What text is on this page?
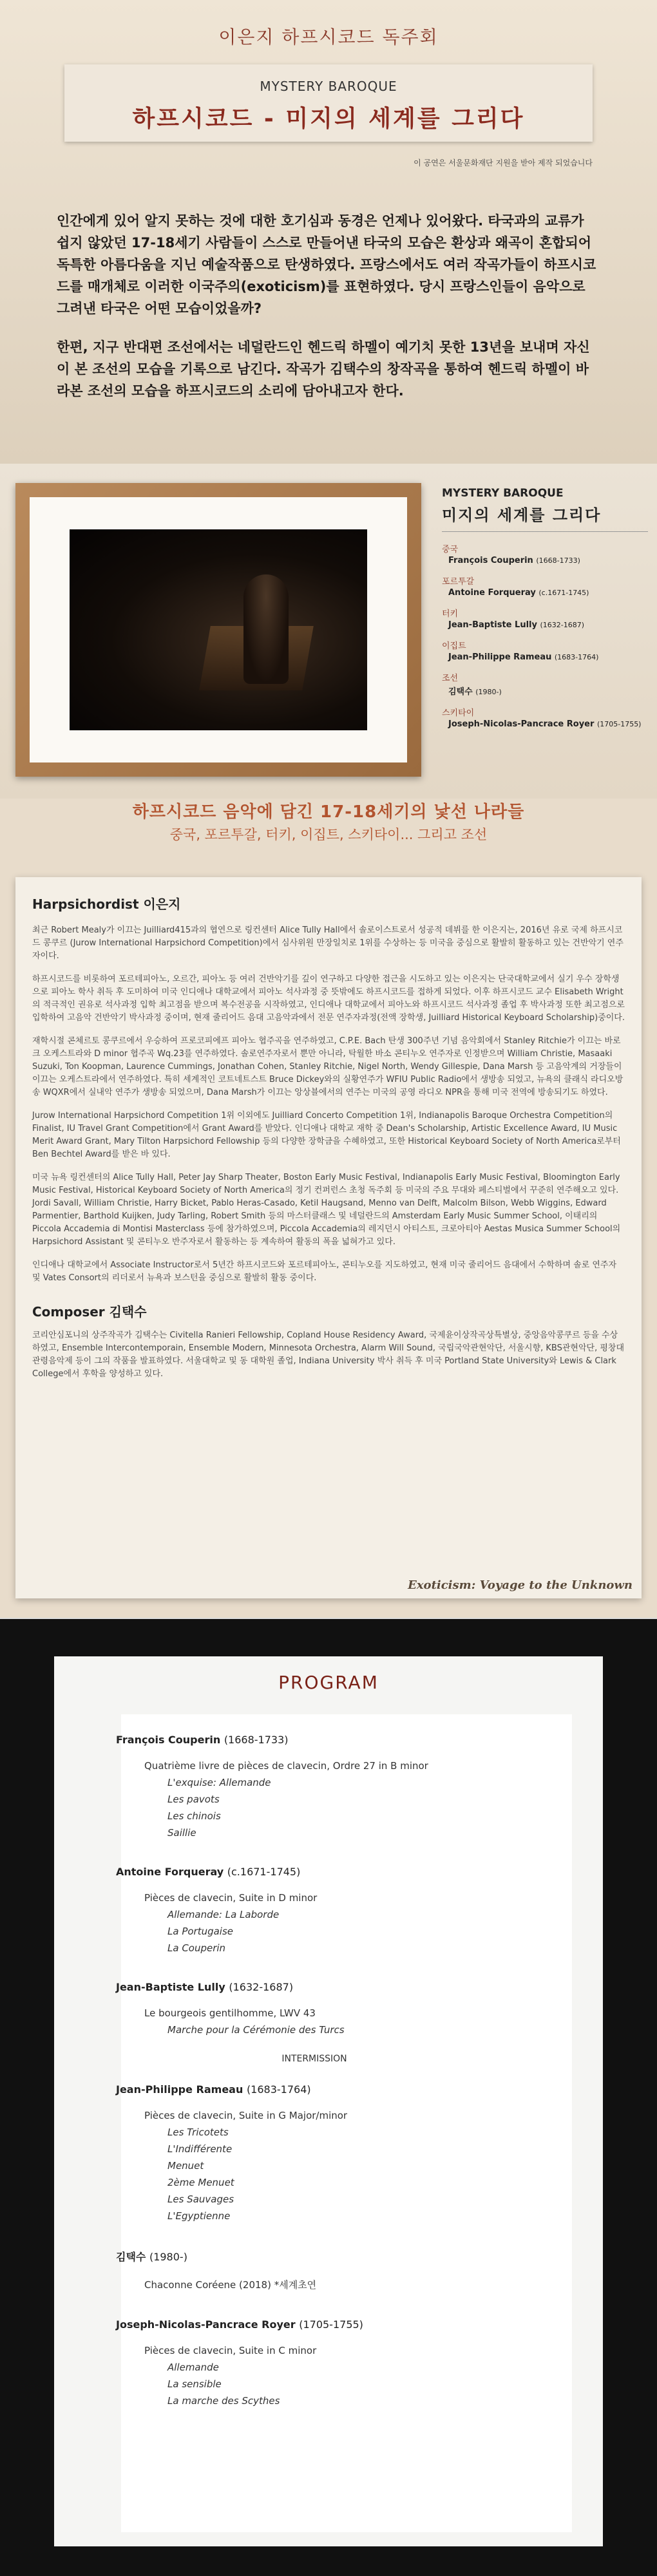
이은지 하프시코드 독주회
MYSTERY BAROQUE
하프시코드 - 미지의 세계를 그리다
이 공연은 서울문화재단 지원을 받아 제작 되었습니다

인간에게 있어 알지 못하는 것에 대한 호기심과 동경은 언제나 있어왔다. 타국과의 교류가 쉽지 않았던 17-18세기 사람들이 스스로 만들어낸 타국의 모습은 환상과 왜곡이 혼합되어 독특한 아름다움을 지닌 예술작품으로 탄생하였다. 프랑스에서도 여러 작곡가들이 하프시코드를 매개체로 이러한 이국주의(exoticism)를 표현하였다. 당시 프랑스인들이 음악으로 그려낸 타국은 어떤 모습이었을까?

한편, 지구 반대편 조선에서는 네덜란드인 헨드릭 하멜이 예기치 못한 13년을 보내며 자신이 본 조선의 모습을 기록으로 남긴다. 작곡가 김택수의 창작곡을 통하여 헨드릭 하멜이 바라본 조선의 모습을 하프시코드의 소리에 담아내고자 한다.

MYSTERY BAROQUE
미지의 세계를 그리다
중국
François Couperin (1668-1733)
포르투갈
Antoine Forqueray (c.1671-1745)
터키
Jean-Baptiste Lully (1632-1687)
이집트
Jean-Philippe Rameau (1683-1764)
조선
김택수 (1980-)
스키타이
Joseph-Nicolas-Pancrace Royer (1705-1755)
하프시코드 음악에 담긴 17-18세기의 낯선 나라들
중국, 포르투갈, 터키, 이집트, 스키타이... 그리고 조선
Harpsichordist 이은지

최근 Robert Mealy가 이끄는 Juilliard415과의 협연으로 링컨센터 Alice Tully Hall에서 솔로이스트로서 성공적 데뷔를 한 이은지는, 2016년 유로 국제 하프시코드 콩쿠르 (Jurow International Harpsichord Competition)에서 심사위원 만장일치로 1위를 수상하는 등 미국을 중심으로 활발히 활동하고 있는 건반악기 연주자이다.

하프시코드를 비롯하여 포르테피아노, 오르간, 피아노 등 여러 건반악기를 깊이 연구하고 다양한 접근을 시도하고 있는 이은지는 단국대학교에서 실기 우수 장학생으로 피아노 학사 취득 후 도미하여 미국 인디애나 대학교에서 피아노 석사과정 중 뜻밖에도 하프시코드를 접하게 되었다. 이후 하프시코드 교수 Elisabeth Wright의 적극적인 권유로 석사과정 입학 최고점을 받으며 복수전공을 시작하였고, 인디애나 대학교에서 피아노와 하프시코드 석사과정 졸업 후 박사과정 또한 최고점으로 입학하여 고음악 건반악기 박사과정 중이며, 현재 줄리어드 음대 고음악과에서 전문 연주자과정(전액 장학생, Juilliard Historical Keyboard Scholarship)중이다.

재학시절 콘체르토 콩쿠르에서 우승하여 프로코피에프 피아노 협주곡을 연주하였고, C.P.E. Bach 탄생 300주년 기념 음악회에서 Stanley Ritchie가 이끄는 바로크 오케스트라와 D minor 협주곡 Wq.23를 연주하였다. 솔로연주자로서 뿐만 아니라, 탁월한 바소 콘티누오 연주자로 인정받으며 William Christie, Masaaki Suzuki, Ton Koopman, Laurence Cummings, Jonathan Cohen, Stanley Ritchie, Nigel North, Wendy Gillespie, Dana Marsh 등 고음악계의 거장들이 이끄는 오케스트라에서 연주하였다. 특히 세계적인 코트네트스트 Bruce Dickey와의 실황연주가 WFIU Public Radio에서 생방송 되었고, 뉴욕의 클래식 라디오방송 WQXR에서 실내악 연주가 생방송 되었으며, Dana Marsh가 이끄는 앙상블에서의 연주는 미국의 공영 라디오 NPR을 통해 미국 전역에 방송되기도 하였다.

Jurow International Harpsichord Competition 1위 이외에도 Juilliard Concerto Competition 1위, Indianapolis Baroque Orchestra Competition의 Finalist, IU Travel Grant Competition에서 Grant Award를 받았다. 인디애나 대학교 재학 중 Dean's Scholarship, Artistic Excellence Award, IU Music Merit Award Grant, Mary Tilton Harpsichord Fellowship 등의 다양한 장학금을 수혜하였고, 또한 Historical Keyboard Society of North America로부터 Ben Bechtel Award를 받은 바 있다.

미국 뉴욕 링컨센터의 Alice Tully Hall, Peter Jay Sharp Theater, Boston Early Music Festival, Indianapolis Early Music Festival, Bloomington Early Music Festival, Historical Keyboard Society of North America의 정기 컨퍼런스 초청 독주회 등 미국의 주요 무대와 페스티벌에서 꾸준히 연주해오고 있다. Jordi Savall, William Christie, Harry Bicket, Pablo Heras-Casado, Ketil Haugsand, Menno van Delft, Malcolm Bilson, Webb Wiggins, Edward Parmentier, Barthold Kuijken, Judy Tarling, Robert Smith 등의 마스터클래스 및 네덜란드의 Amsterdam Early Music Summer School, 이태리의 Piccola Accademia di Montisi Masterclass 등에 참가하였으며, Piccola Accademia의 레지던시 아티스트, 크로아티아 Aestas Musica Summer School의 Harpsichord Assistant 및 콘티누오 반주자로서 활동하는 등 계속하여 활동의 폭을 넓혀가고 있다.

인디애나 대학교에서 Associate Instructor로서 5년간 하프시코드와 포르테피아노, 콘티누오를 지도하였고, 현재 미국 줄리어드 음대에서 수학하며 솔로 연주자 및 Vates Consort의 리더로서 뉴욕과 보스턴을 중심으로 활발히 활동 중이다.

Composer 김택수

코리안심포니의 상주작곡가 김택수는 Civitella Ranieri Fellowship, Copland House Residency Award, 국제윤이상작곡상특별상, 중앙음악콩쿠르 등을 수상하였고, Ensemble Intercontemporain, Ensemble Modern, Minnesota Orchestra, Alarm Will Sound, 국립국악관현악단, 서울시향, KBS관현악단, 평창대관령음악제 등이 그의 작품을 발표하였다. 서울대학교 및 동 대학원 졸업, Indiana University 박사 취득 후 미국 Portland State University와 Lewis & Clark College에서 후학을 양성하고 있다.

Exoticism: Voyage to the Unknown
PROGRAM
François Couperin (1668-1733)
Quatrième livre de pièces de clavecin, Ordre 27 in B minor
L'exquise: Allemande
Les pavots
Les chinois
Saillie
Antoine Forqueray (c.1671-1745)
Pièces de clavecin, Suite in D minor
Allemande: La Laborde
La Portugaise
La Couperin
Jean-Baptiste Lully (1632-1687)
Le bourgeois gentilhomme, LWV 43
Marche pour la Cérémonie des Turcs
INTERMISSION
Jean-Philippe Rameau (1683-1764)
Pièces de clavecin, Suite in G Major/minor
Les Tricotets
L'Indifférente
Menuet
2ème Menuet
Les Sauvages
L'Egyptienne
김택수 (1980-)
Chaconne Coréene (2018) *세계초연
Joseph-Nicolas-Pancrace Royer (1705-1755)
Pièces de clavecin, Suite in C minor
Allemande
La sensible
La marche des Scythes
